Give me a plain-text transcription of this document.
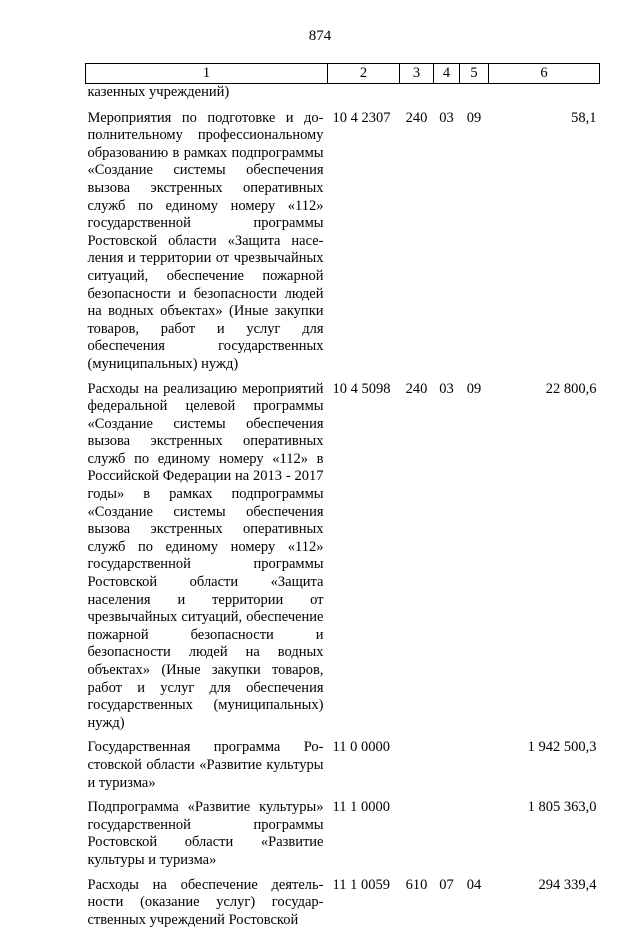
874
1	2	3	4	5	6
казенных учреждений)					
Мероприятия по подготовке и дополнительному профессиональному образованию в рамках подпрограммы «Создание системы обеспечения вызова экстренных оперативных служб по единому номеру «112» государственной программы Ростовской области «Защита населения и территории от чрезвычайных ситуаций, обеспечение пожарной безопасности и безопасности людей на водных объектах» (Иные закупки товаров, работ и услуг для обеспечения государственных (муниципальных) нужд)	10 4 2307	240	03	09	58,1
Расходы на реализацию мероприятий федеральной целевой программы «Создание системы обеспечения вызова экстренных оперативных служб по единому номеру «112» в Российской Федерации на 2013 - 2017 годы» в рамках подпрограммы «Создание системы обеспечения вызова экстренных оперативных служб по единому номеру «112» государственной программы Ростовской области «Защита населения и территории от чрезвычайных ситуаций, обеспечение пожарной безопасности и безопасности людей на водных объектах» (Иные закупки товаров, работ и услуг для обеспечения государственных (муниципальных) нужд)	10 4 5098	240	03	09	22 800,6
Государственная программа Ростовской области «Развитие культуры и туризма»	11 0 0000				1 942 500,3
Подпрограмма «Развитие культуры» государственной программы Ростовской области «Развитие культуры и туризма»	11 1 0000				1 805 363,0
Расходы на обеспечение деятельности (оказание услуг) государственных учреждений Ростовской	11 1 0059	610	07	04	294 339,4
